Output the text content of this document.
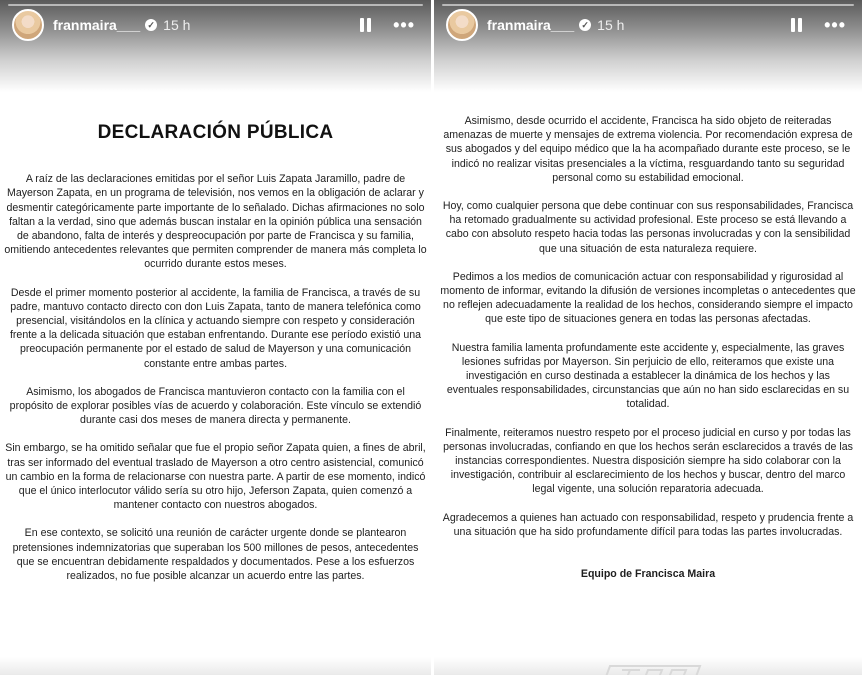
franmaira___ ✓ 15 h	•••
DECLARACIÓN PÚBLICA

A raíz de las declaraciones emitidas por el señor Luis Zapata Jaramillo, padre de Mayerson Zapata, en un programa de televisión, nos vemos en la obligación de aclarar y desmentir categóricamente parte importante de lo señalado. Dichas afirmaciones no solo faltan a la verdad, sino que además buscan instalar en la opinión pública una sensación de abandono, falta de interés y despreocupación por parte de Francisca y su familia, omitiendo antecedentes relevantes que permiten comprender de manera más completa lo ocurrido durante estos meses.

Desde el primer momento posterior al accidente, la familia de Francisca, a través de su padre, mantuvo contacto directo con don Luis Zapata, tanto de manera telefónica como presencial, visitándolos en la clínica y actuando siempre con respeto y consideración frente a la delicada situación que estaban enfrentando. Durante ese período existió una preocupación permanente por el estado de salud de Mayerson y una comunicación constante entre ambas partes.

Asimismo, los abogados de Francisca mantuvieron contacto con la familia con el propósito de explorar posibles vías de acuerdo y colaboración. Este vínculo se extendió durante casi dos meses de manera directa y permanente.

Sin embargo, se ha omitido señalar que fue el propio señor Zapata quien, a fines de abril, tras ser informado del eventual traslado de Mayerson a otro centro asistencial, comunicó un cambio en la forma de relacionarse con nuestra parte. A partir de ese momento, indicó que el único interlocutor válido sería su otro hijo, Jeferson Zapata, quien comenzó a mantener contacto con nuestros abogados.

En ese contexto, se solicitó una reunión de carácter urgente donde se plantearon pretensiones indemnizatorias que superaban los 500 millones de pesos, antecedentes que se encuentran debidamente respaldados y documentados. Pese a los esfuerzos realizados, no fue posible alcanzar un acuerdo entre las partes.

franmaira___ ✓ 15 h	•••

Asimismo, desde ocurrido el accidente, Francisca ha sido objeto de reiteradas amenazas de muerte y mensajes de extrema violencia. Por recomendación expresa de sus abogados y del equipo médico que la ha acompañado durante este proceso, se le indicó no realizar visitas presenciales a la víctima, resguardando tanto su seguridad personal como su estabilidad emocional.

Hoy, como cualquier persona que debe continuar con sus responsabilidades, Francisca ha retomado gradualmente su actividad profesional. Este proceso se está llevando a cabo con absoluto respeto hacia todas las personas involucradas y con la sensibilidad que una situación de esta naturaleza requiere.

Pedimos a los medios de comunicación actuar con responsabilidad y rigurosidad al momento de informar, evitando la difusión de versiones incompletas o antecedentes que no reflejen adecuadamente la realidad de los hechos, considerando siempre el impacto que este tipo de situaciones genera en todas las personas afectadas.

Nuestra familia lamenta profundamente este accidente y, especialmente, las graves lesiones sufridas por Mayerson. Sin perjuicio de ello, reiteramos que existe una investigación en curso destinada a establecer la dinámica de los hechos y las eventuales responsabilidades, circunstancias que aún no han sido esclarecidas en su totalidad.

Finalmente, reiteramos nuestro respeto por el proceso judicial en curso y por todas las personas involucradas, confiando en que los hechos serán esclarecidos a través de las instancias correspondientes. Nuestra disposición siempre ha sido colaborar con la investigación, contribuir al esclarecimiento de los hechos y buscar, dentro del marco legal vigente, una solución reparatoria adecuada.

Agradecemos a quienes han actuado con responsabilidad, respeto y prudencia frente a una situación que ha sido profundamente difícil para todas las partes involucradas.

Equipo de Francisca Maira
